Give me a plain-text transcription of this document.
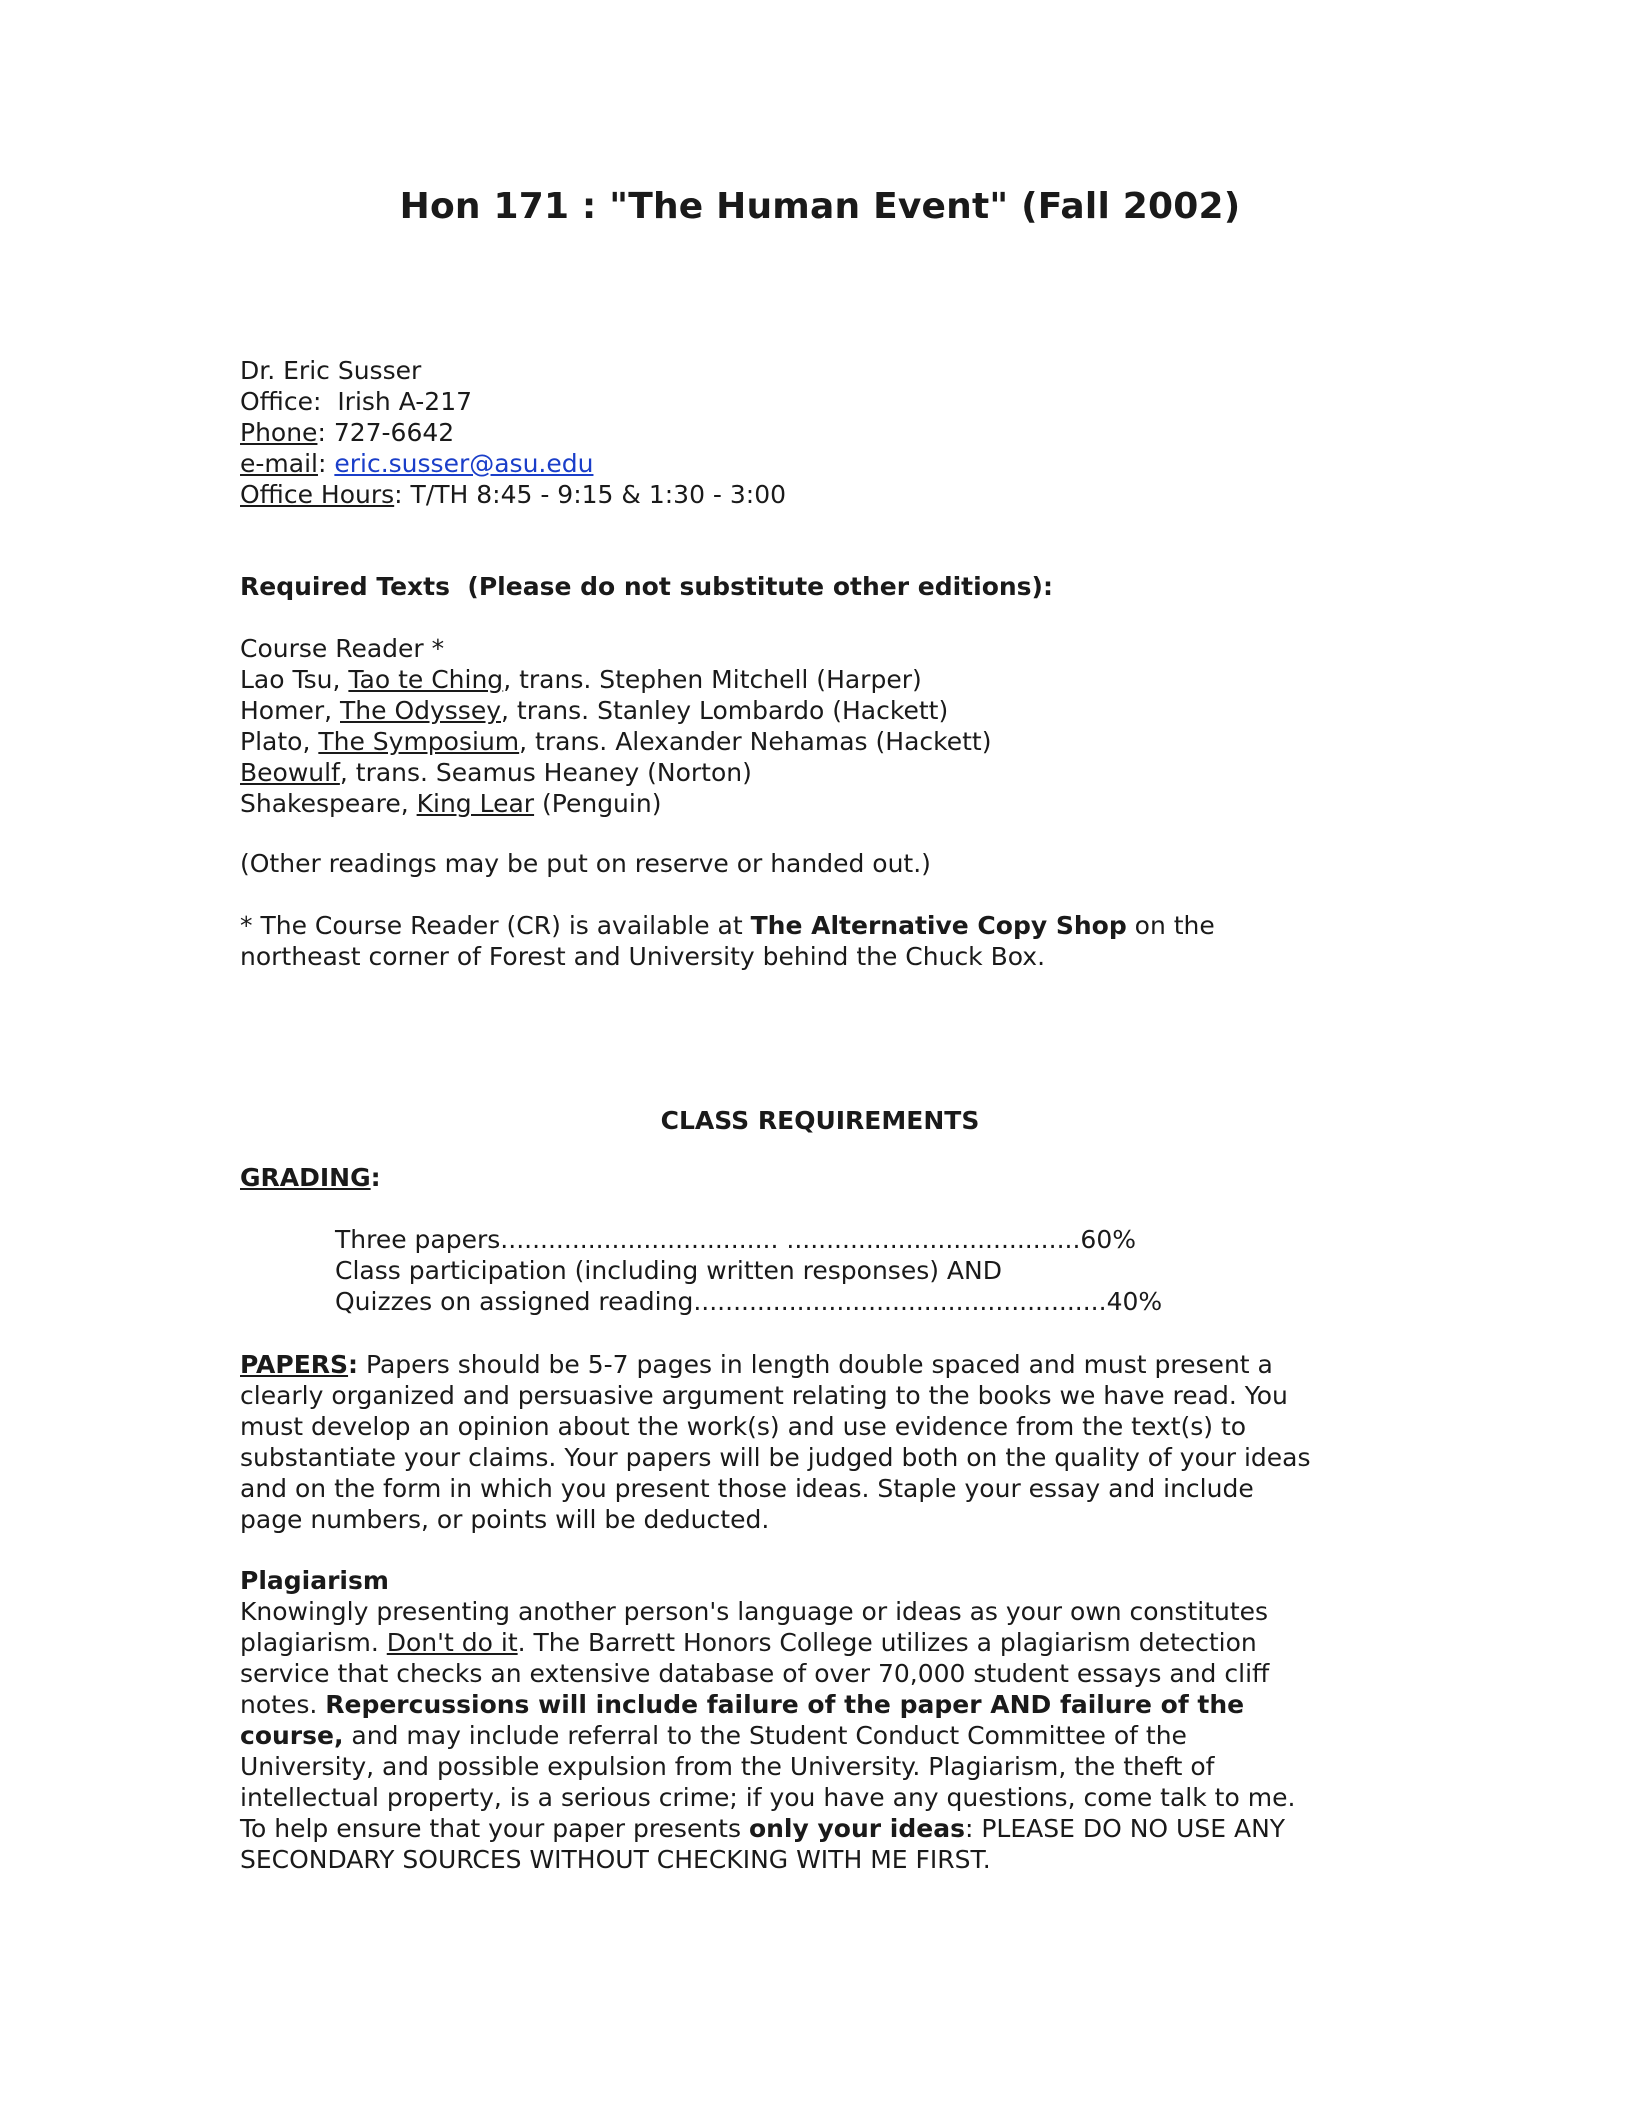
Hon 171 : "The Human Event" (Fall 2002)
Dr. Eric Susser
Office: Irish A-217
Phone: 727-6642
e-mail: eric.susser@asu.edu
Office Hours: T/TH 8:45 - 9:15 & 1:30 - 3:00
Required Texts (Please do not substitute other editions):
Course Reader *
Lao Tsu, Tao te Ching, trans. Stephen Mitchell (Harper)
Homer, The Odyssey, trans. Stanley Lombardo (Hackett)
Plato, The Symposium, trans. Alexander Nehamas (Hackett)
Beowulf, trans. Seamus Heaney (Norton)
Shakespeare, King Lear (Penguin)
(Other readings may be put on reserve or handed out.)
* The Course Reader (CR) is available at The Alternative Copy Shop on the
northeast corner of Forest and University behind the Chuck Box.
CLASS REQUIREMENTS
GRADING:
Three papers................................... .....................................60%
Class participation (including written responses) AND
Quizzes on assigned reading....................................................40%
PAPERS: Papers should be 5-7 pages in length double spaced and must present a
clearly organized and persuasive argument relating to the books we have read. You
must develop an opinion about the work(s) and use evidence from the text(s) to
substantiate your claims. Your papers will be judged both on the quality of your ideas
and on the form in which you present those ideas. Staple your essay and include
page numbers, or points will be deducted.
Plagiarism
Knowingly presenting another person's language or ideas as your own constitutes
plagiarism. Don't do it. The Barrett Honors College utilizes a plagiarism detection
service that checks an extensive database of over 70,000 student essays and cliff
notes. Repercussions will include failure of the paper AND failure of the
course, and may include referral to the Student Conduct Committee of the
University, and possible expulsion from the University. Plagiarism, the theft of
intellectual property, is a serious crime; if you have any questions, come talk to me.
To help ensure that your paper presents only your ideas: PLEASE DO NO USE ANY
SECONDARY SOURCES WITHOUT CHECKING WITH ME FIRST.
